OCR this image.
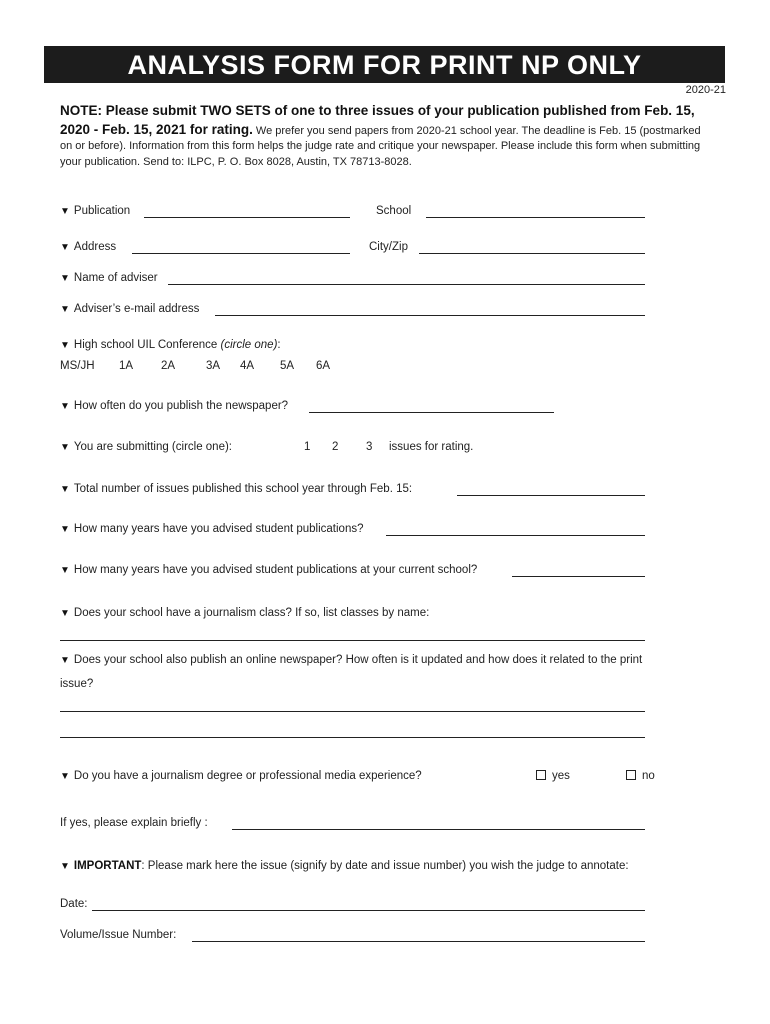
ANALYSIS FORM FOR PRINT NP ONLY
2020-21
NOTE: Please submit TWO SETS of one to three issues of your publication published from Feb. 15, 2020 - Feb. 15, 2021 for rating. We prefer you send papers from 2020-21 school year. The deadline is Feb. 15 (postmarked on or before). Information from this form helps the judge rate and critique your newspaper. Please include this form when submitting your publication. Send to: ILPC, P. O. Box 8028, Austin, TX 78713-8028.
▼ Publication	School
▼ Address	City/Zip
▼ Name of adviser
▼ Adviser’s e-mail address
▼ High school UIL Conference (circle one):
MS/JH 1A 2A	3A 4A 5A 6A
▼ How often do you publish the newspaper?
▼ You are submitting (circle one):	1 2 3 issues for rating.
▼ Total number of issues published this school year through Feb. 15:
▼ How many years have you advised student publications?
▼ How many years have you advised student publications at your current school?
▼ Does your school have a journalism class? If so, list classes by name:
▼ Does your school also publish an online newspaper? How often is it updated and how does it related to the print
issue?
▼ Do you have a journalism degree or professional media experience?	yes	no
If yes, please explain briefly :
▼ IMPORTANT: Please mark here the issue (signify by date and issue number) you wish the judge to annotate:
Date:
Volume/Issue Number:
